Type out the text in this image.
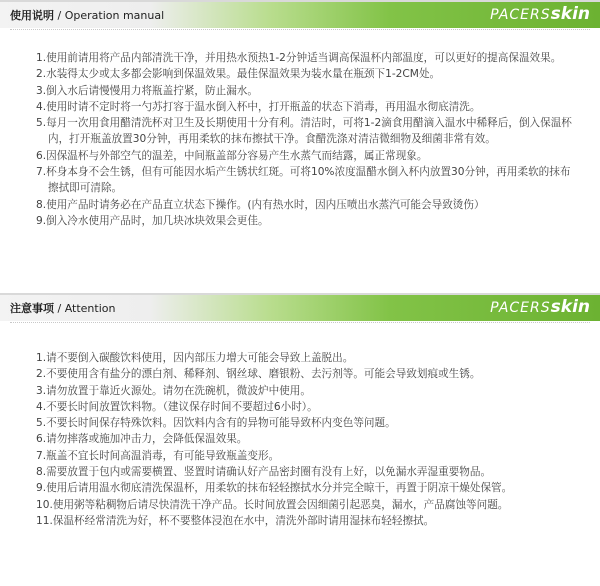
使用说明 / Operation manual	PACERSskin
1.使用前请用将产品内部清洗干净，并用热水预热1-2分钟适当调高保温杯内部温度，可以更好的提高保温效果。
2.水装得太少或太多都会影响到保温效果。最佳保温效果为装水量在瓶颈下1-2CM处。
3.倒入水后请慢慢用力将瓶盖拧紧，防止漏水。
4.使用时请不定时将一勺苏打容于温水倒入杯中，打开瓶盖的状态下消毒，再用温水彻底清洗。
5.每月一次用食用醋清洗杯对卫生及长期使用十分有利。清洁时，可将1-2滴食用醋滴入温水中稀释后，倒入保温杯内，打开瓶盖放置30分钟，再用柔软的抹布擦拭干净。食醋洗涤对清洁微细物及细菌非常有效。
6.因保温杯与外部空气的温差，中间瓶盖部分容易产生水蒸气而结露，属正常现象。
7.杯身本身不会生锈，但有可能因水垢产生锈状红斑。可将10%浓度温醋水倒入杯内放置30分钟，再用柔软的抹布擦拭即可清除。
8.使用产品时请务必在产品直立状态下操作。(内有热水时，因内压喷出水蒸汽可能会导致烫伤）
9.倒入冷水使用产品时，加几块冰块效果会更佳。
注意事项 / Attention	PACERSskin
1.请不要倒入碳酸饮料使用，因内部压力增大可能会导致上盖脱出。
2.不要使用含有盐分的漂白剂、稀释剂、钢丝球、磨银粉、去污剂等。可能会导致划痕或生锈。
3.请勿放置于靠近火源处。请勿在洗碗机，微波炉中使用。
4.不要长时间放置饮料物。（建议保存时间不要超过6小时）。
5.不要长时间保存特殊饮料。因饮料内含有的异物可能导致杯内变色等问题。
6.请勿摔落或施加冲击力，会降低保温效果。
7.瓶盖不宜长时间高温消毒，有可能导致瓶盖变形。
8.需要放置于包内或需要横置、竖置时请确认好产品密封圈有没有上好，以免漏水弄湿重要物品。
9.使用后请用温水彻底清洗保温杯，用柔软的抹布轻轻擦拭水分并完全晾干，再置于阴凉干燥处保管。
10.使用粥等粘稠物后请尽快清洗干净产品。长时间放置会因细菌引起恶臭，漏水，产品腐蚀等问题。
11.保温杯经常清洗为好，杯不要整体浸泡在水中，清洗外部时请用湿抹布轻轻擦拭。
